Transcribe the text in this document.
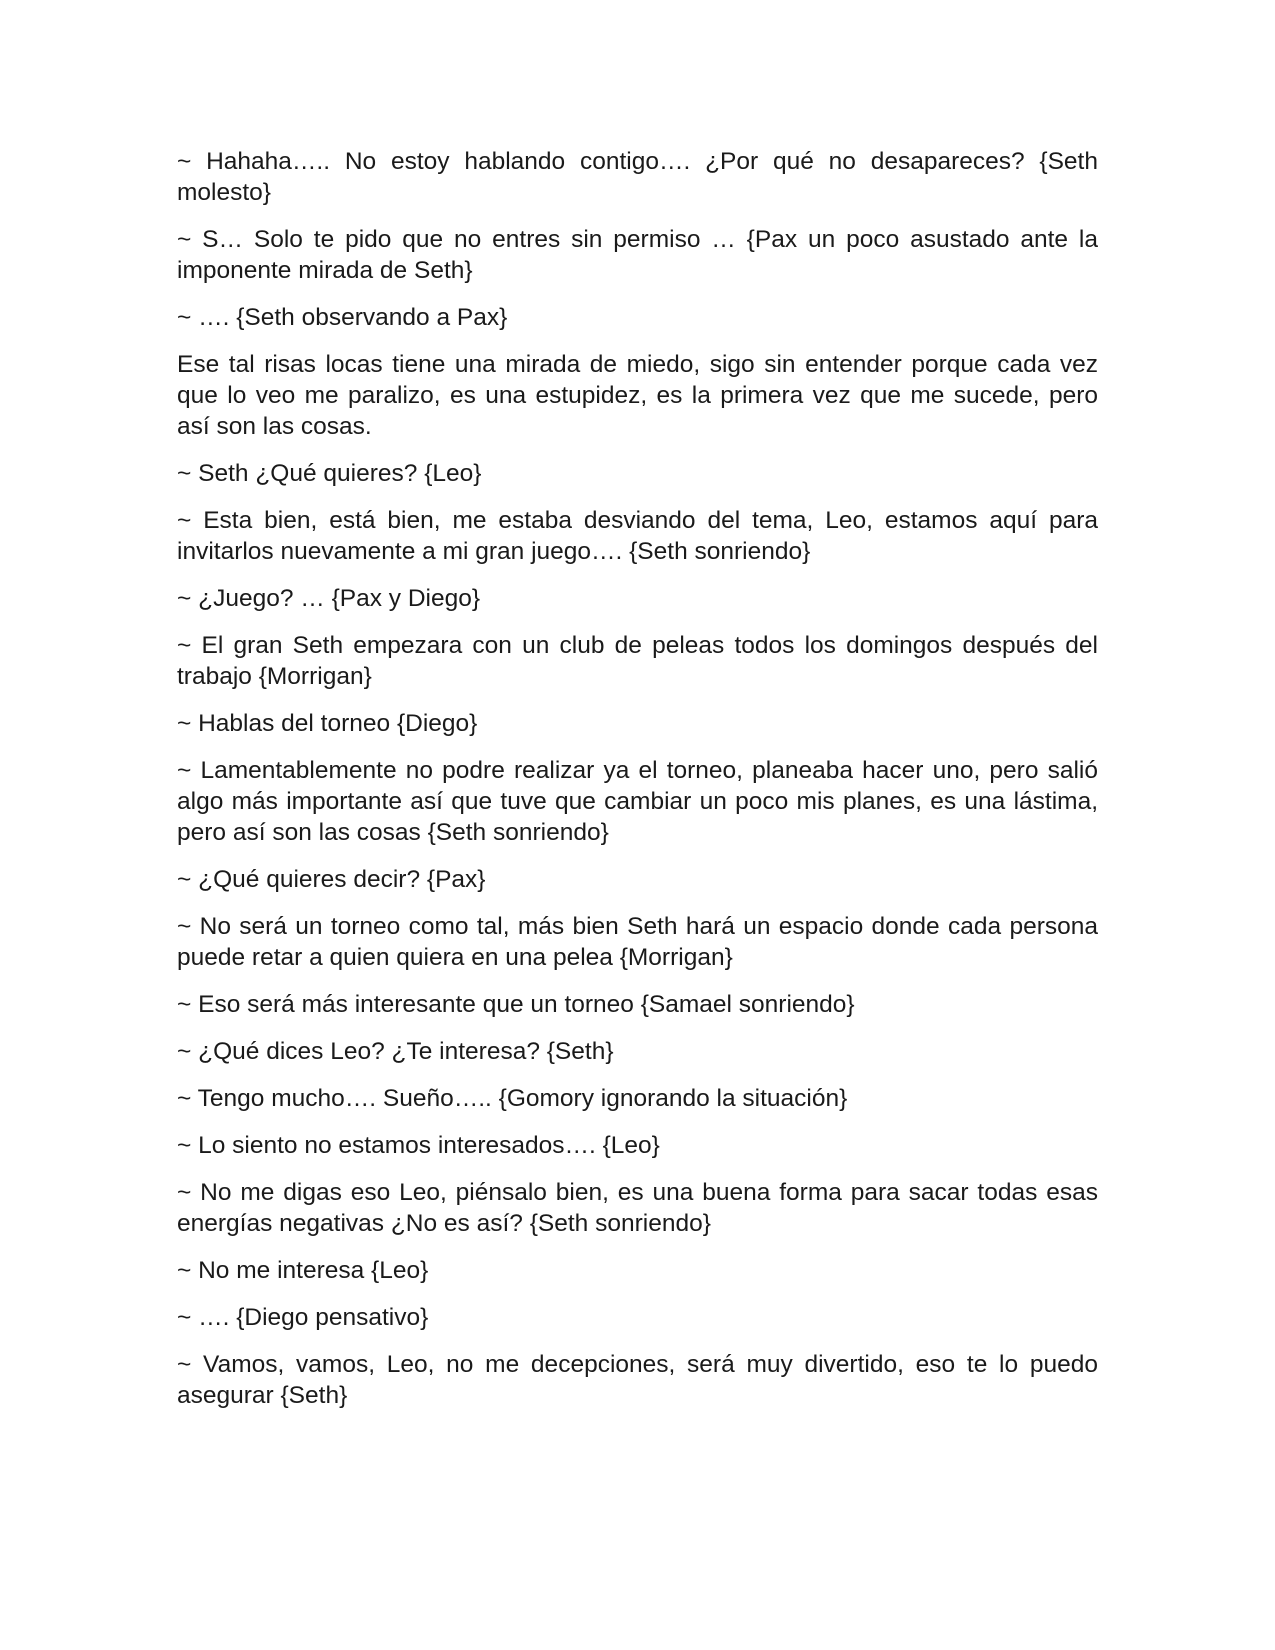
~ Hahaha….. No estoy hablando contigo…. ¿Por qué no desapareces? {Seth molesto}

~ S… Solo te pido que no entres sin permiso … {Pax un poco asustado ante la imponente mirada de Seth}

~ …. {Seth observando a Pax}

Ese tal risas locas tiene una mirada de miedo, sigo sin entender porque cada vez que lo veo me paralizo, es una estupidez, es la primera vez que me sucede, pero así son las cosas.

~ Seth ¿Qué quieres? {Leo}

~ Esta bien, está bien, me estaba desviando del tema, Leo, estamos aquí para invitarlos nuevamente a mi gran juego…. {Seth sonriendo}

~ ¿Juego? … {Pax y Diego}

~ El gran Seth empezara con un club de peleas todos los domingos después del trabajo {Morrigan}

~ Hablas del torneo {Diego}

~ Lamentablemente no podre realizar ya el torneo, planeaba hacer uno, pero salió algo más importante así que tuve que cambiar un poco mis planes, es una lástima, pero así son las cosas {Seth sonriendo}

~ ¿Qué quieres decir? {Pax}

~ No será un torneo como tal, más bien Seth hará un espacio donde cada persona puede retar a quien quiera en una pelea {Morrigan}

~ Eso será más interesante que un torneo {Samael sonriendo}

~ ¿Qué dices Leo? ¿Te interesa? {Seth}

~ Tengo mucho…. Sueño….. {Gomory ignorando la situación}

~ Lo siento no estamos interesados…. {Leo}

~ No me digas eso Leo, piénsalo bien, es una buena forma para sacar todas esas energías negativas ¿No es así? {Seth sonriendo}

~ No me interesa {Leo}

~ …. {Diego pensativo}

~ Vamos, vamos, Leo, no me decepciones, será muy divertido, eso te lo puedo asegurar {Seth}
